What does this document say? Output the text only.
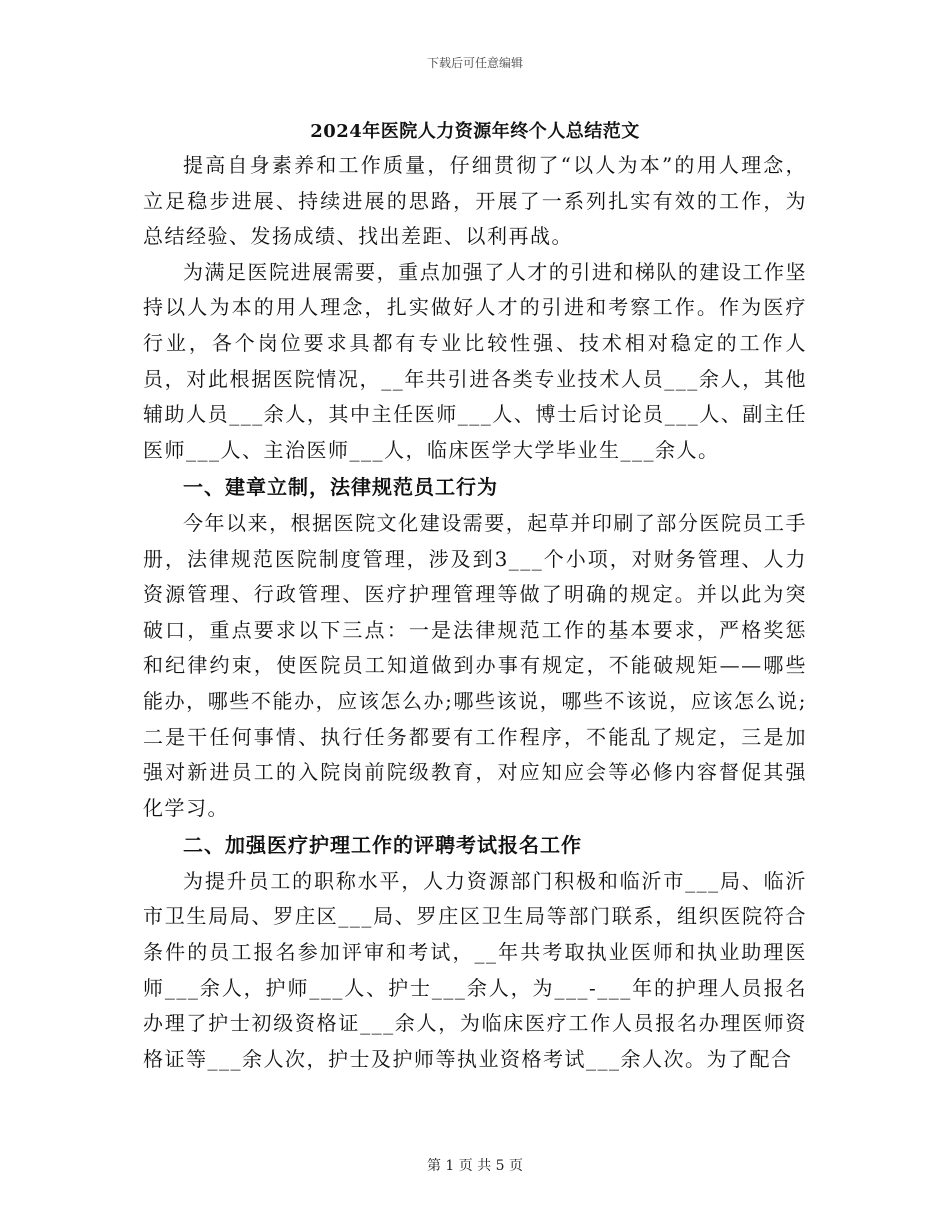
下载后可任意编辑
2024年医院人力资源年终个人总结范文

提高自身素养和工作质量，仔细贯彻了“以人为本”的用人理念，立足稳步进展、持续进展的思路，开展了一系列扎实有效的工作，为总结经验、发扬成绩、找出差距、以利再战。

为满足医院进展需要，重点加强了人才的引进和梯队的建设工作坚持以人为本的用人理念，扎实做好人才的引进和考察工作。作为医疗行业，各个岗位要求具都有专业比较性强、技术相对稳定的工作人员，对此根据医院情况，__年共引进各类专业技术人员___余人，其他辅助人员___余人，其中主任医师___人、博士后讨论员___人、副主任医师___人、主治医师___人，临床医学大学毕业生___余人。

一、建章立制，法律规范员工行为

今年以来，根据医院文化建设需要，起草并印刷了部分医院员工手册，法律规范医院制度管理，涉及到3___个小项，对财务管理、人力资源管理、行政管理、医疗护理管理等做了明确的规定。并以此为突破口，重点要求以下三点：一是法律规范工作的基本要求，严格奖惩和纪律约束，使医院员工知道做到办事有规定，不能破规矩——哪些能办，哪些不能办，应该怎么办;哪些该说，哪些不该说，应该怎么说;二是干任何事情、执行任务都要有工作程序，不能乱了规定，三是加强对新进员工的入院岗前院级教育，对应知应会等必修内容督促其强化学习。

二、加强医疗护理工作的评聘考试报名工作

为提升员工的职称水平，人力资源部门积极和临沂市___局、临沂市卫生局局、罗庄区___局、罗庄区卫生局等部门联系，组织医院符合条件的员工报名参加评审和考试，__年共考取执业医师和执业助理医师___余人，护师___人、护士___余人，为___-___年的护理人员报名办理了护士初级资格证___余人，为临床医疗工作人员报名办理医师资格证等___余人次，护士及护师等执业资格考试___余人次。为了配合

第 1 页 共 5 页
